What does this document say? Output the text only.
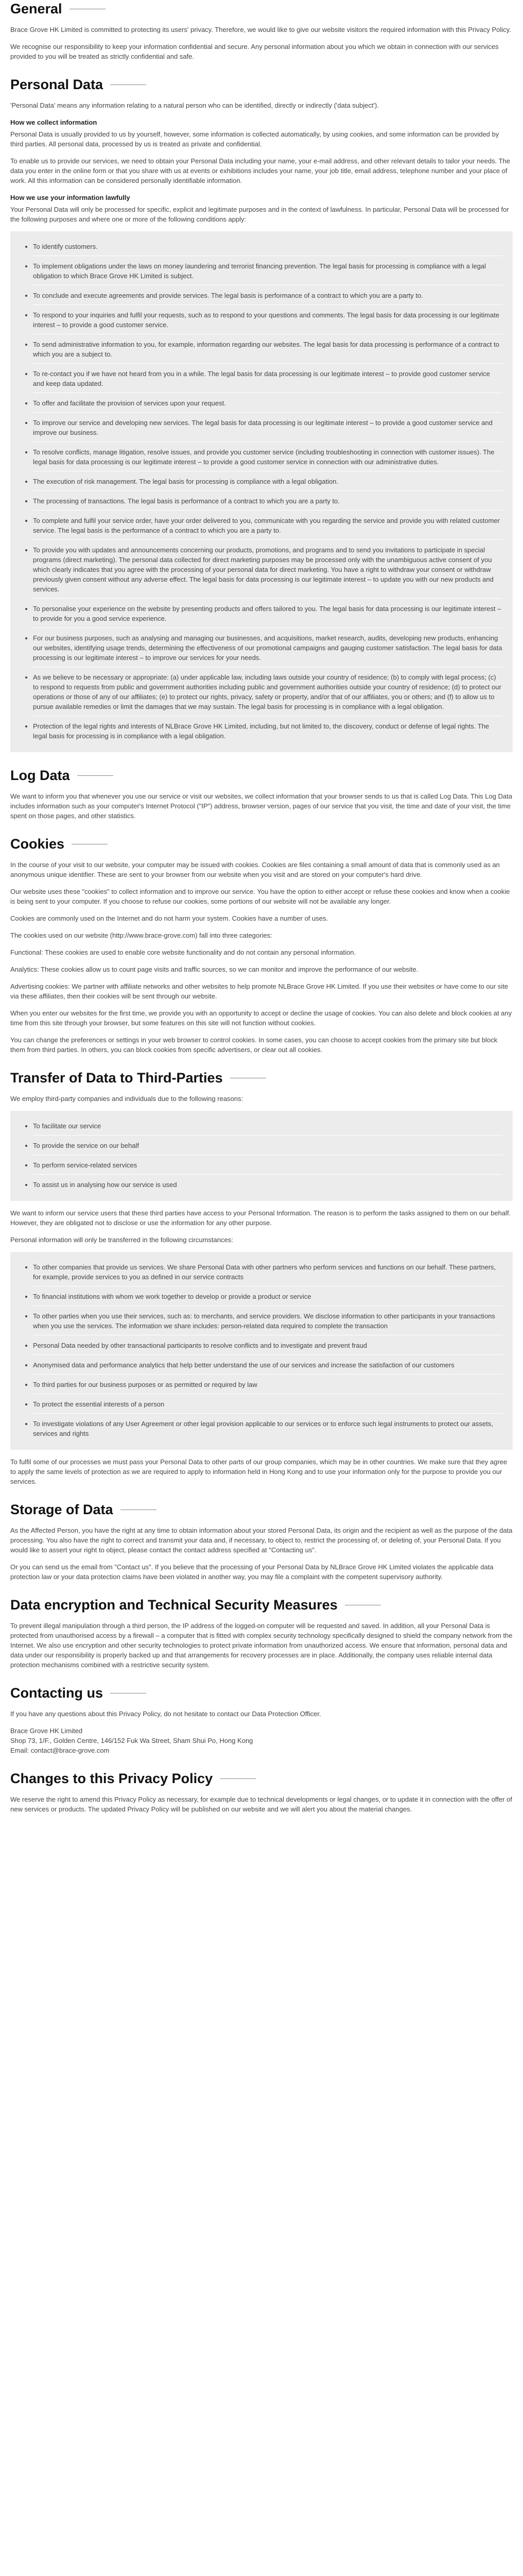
General

Brace Grove HK Limited is committed to protecting its users' privacy. Therefore, we would like to give our website visitors the required information with this Privacy Policy.

We recognise our responsibility to keep your information confidential and secure. Any personal information about you which we obtain in connection with our services provided to you will be treated as strictly confidential and safe.

Personal Data

'Personal Data' means any information relating to a natural person who can be identified, directly or indirectly ('data subject').

How we collect information

Personal Data is usually provided to us by yourself, however, some information is collected automatically, by using cookies, and some information can be provided by third parties. All personal data, processed by us is treated as private and confidential.

To enable us to provide our services, we need to obtain your Personal Data including your name, your e-mail address, and other relevant details to tailor your needs. The data you enter in the online form or that you share with us at events or exhibitions includes your name, your job title, email address, telephone number and your place of work. All this information can be considered personally identifiable information.

How we use your information lawfully

Your Personal Data will only be processed for specific, explicit and legitimate purposes and in the context of lawfulness. In particular, Personal Data will be processed for the following purposes and where one or more of the following conditions apply:

• To identify customers.
• To implement obligations under the laws on money laundering and terrorist financing prevention. The legal basis for processing is compliance with a legal obligation to which Brace Grove HK Limited is subject.
• To conclude and execute agreements and provide services. The legal basis is performance of a contract to which you are a party to.
• To respond to your inquiries and fulfil your requests, such as to respond to your questions and comments. The legal basis for data processing is our legitimate interest – to provide a good customer service.
• To send administrative information to you, for example, information regarding our websites. The legal basis for data processing is performance of a contract to which you are a subject to.
• To re-contact you if we have not heard from you in a while. The legal basis for data processing is our legitimate interest – to provide good customer service and keep data updated.
• To offer and facilitate the provision of services upon your request.
• To improve our service and developing new services. The legal basis for data processing is our legitimate interest – to provide a good customer service and improve our business.
• To resolve conflicts, manage litigation, resolve issues, and provide you customer service (including troubleshooting in connection with customer issues). The legal basis for data processing is our legitimate interest – to provide a good customer service in connection with our administrative duties.
• The execution of risk management. The legal basis for processing is compliance with a legal obligation.
• The processing of transactions. The legal basis is performance of a contract to which you are a party to.
• To complete and fulfil your service order, have your order delivered to you, communicate with you regarding the service and provide you with related customer service. The legal basis is the performance of a contract to which you are a party to.
• To provide you with updates and announcements concerning our products, promotions, and programs and to send you invitations to participate in special programs (direct marketing). The personal data collected for direct marketing purposes may be processed only with the unambiguous active consent of you which clearly indicates that you agree with the processing of your personal data for direct marketing. You have a right to withdraw your consent or withdraw previously given consent without any adverse effect. The legal basis for data processing is our legitimate interest – to update you with our new products and services.
• To personalise your experience on the website by presenting products and offers tailored to you. The legal basis for data processing is our legitimate interest – to provide for you a good service experience.
• For our business purposes, such as analysing and managing our businesses, and acquisitions, market research, audits, developing new products, enhancing our websites, identifying usage trends, determining the effectiveness of our promotional campaigns and gauging customer satisfaction. The legal basis for data processing is our legitimate interest – to improve our services for your needs.
• As we believe to be necessary or appropriate: (a) under applicable law, including laws outside your country of residence; (b) to comply with legal process; (c) to respond to requests from public and government authorities including public and government authorities outside your country of residence; (d) to protect our operations or those of any of our affiliates; (e) to protect our rights, privacy, safety or property, and/or that of our affiliates, you or others; and (f) to allow us to pursue available remedies or limit the damages that we may sustain. The legal basis for processing is in compliance with a legal obligation.
• Protection of the legal rights and interests of NLBrace Grove HK Limited, including, but not limited to, the discovery, conduct or defense of legal rights. The legal basis for processing is in compliance with a legal obligation.
Log Data

We want to inform you that whenever you use our service or visit our websites, we collect information that your browser sends to us that is called Log Data. This Log Data includes information such as your computer's Internet Protocol ("IP") address, browser version, pages of our service that you visit, the time and date of your visit, the time spent on those pages, and other statistics.

Cookies

In the course of your visit to our website, your computer may be issued with cookies. Cookies are files containing a small amount of data that is commonly used as an anonymous unique identifier. These are sent to your browser from our website when you visit and are stored on your computer's hard drive.

Our website uses these "cookies" to collect information and to improve our service. You have the option to either accept or refuse these cookies and know when a cookie is being sent to your computer. If you choose to refuse our cookies, some portions of our website will not be available any longer.

Cookies are commonly used on the Internet and do not harm your system. Cookies have a number of uses.

The cookies used on our website (http://www.brace-grove.com) fall into three categories:

Functional: These cookies are used to enable core website functionality and do not contain any personal information.

Analytics: These cookies allow us to count page visits and traffic sources, so we can monitor and improve the performance of our website.

Advertising cookies: We partner with affiliate networks and other websites to help promote NLBrace Grove HK Limited. If you use their websites or have come to our site via these affiliates, then their cookies will be sent through our website.

When you enter our websites for the first time, we provide you with an opportunity to accept or decline the usage of cookies. You can also delete and block cookies at any time from this site through your browser, but some features on this site will not function without cookies.

You can change the preferences or settings in your web browser to control cookies. In some cases, you can choose to accept cookies from the primary site but block them from third parties. In others, you can block cookies from specific advertisers, or clear out all cookies.

Transfer of Data to Third-Parties

We employ third-party companies and individuals due to the following reasons:

• To facilitate our service
• To provide the service on our behalf
• To perform service-related services
• To assist us in analysing how our service is used

We want to inform our service users that these third parties have access to your Personal Information. The reason is to perform the tasks assigned to them on our behalf. However, they are obligated not to disclose or use the information for any other purpose.

Personal information will only be transferred in the following circumstances:

• To other companies that provide us services. We share Personal Data with other partners who perform services and functions on our behalf. These partners, for example, provide services to you as defined in our service contracts
• To financial institutions with whom we work together to develop or provide a product or service
• To other parties when you use their services, such as: to merchants, and service providers. We disclose information to other participants in your transactions when you use the services. The information we share includes: person-related data required to complete the transaction
• Personal Data needed by other transactional participants to resolve conflicts and to investigate and prevent fraud
• Anonymised data and performance analytics that help better understand the use of our services and increase the satisfaction of our customers
• To third parties for our business purposes or as permitted or required by law
• To protect the essential interests of a person
• To investigate violations of any User Agreement or other legal provision applicable to our services or to enforce such legal instruments to protect our assets, services and rights

To fulfil some of our processes we must pass your Personal Data to other parts of our group companies, which may be in other countries. We make sure that they agree to apply the same levels of protection as we are required to apply to information held in Hong Kong and to use your information only for the purpose to provide you our services.

Storage of Data

As the Affected Person, you have the right at any time to obtain information about your stored Personal Data, its origin and the recipient as well as the purpose of the data processing. You also have the right to correct and transmit your data and, if necessary, to object to, restrict the processing of, or deleting of, your Personal Data. If you would like to assert your right to object, please contact the contact address specified at "Contacting us".

Or you can send us the email from "Contact us". If you believe that the processing of your Personal Data by NLBrace Grove HK Limited violates the applicable data protection law or your data protection claims have been violated in another way, you may file a complaint with the competent supervisory authority.

Data encryption and Technical Security Measures

To prevent illegal manipulation through a third person, the IP address of the logged-on computer will be requested and saved. In addition, all your Personal Data is protected from unauthorised access by a firewall – a computer that is fitted with complex security technology specifically designed to shield the company network from the Internet. We also use encryption and other security technologies to protect private information from unauthorized access. We ensure that information, personal data and data under our responsibility is properly backed up and that arrangements for recovery processes are in place. Additionally, the company uses reliable internal data protection mechanisms combined with a restrictive security system.

Contacting us

If you have any questions about this Privacy Policy, do not hesitate to contact our Data Protection Officer.

Brace Grove HK Limited

Shop 73, 1/F., Golden Centre, 146/152 Fuk Wa Street, Sham Shui Po, Hong Kong

Email: contact@brace-grove.com

Changes to this Privacy Policy

We reserve the right to amend this Privacy Policy as necessary, for example due to technical developments or legal changes, or to update it in connection with the offer of new services or products. The updated Privacy Policy will be published on our website and we will alert you about the material changes.
